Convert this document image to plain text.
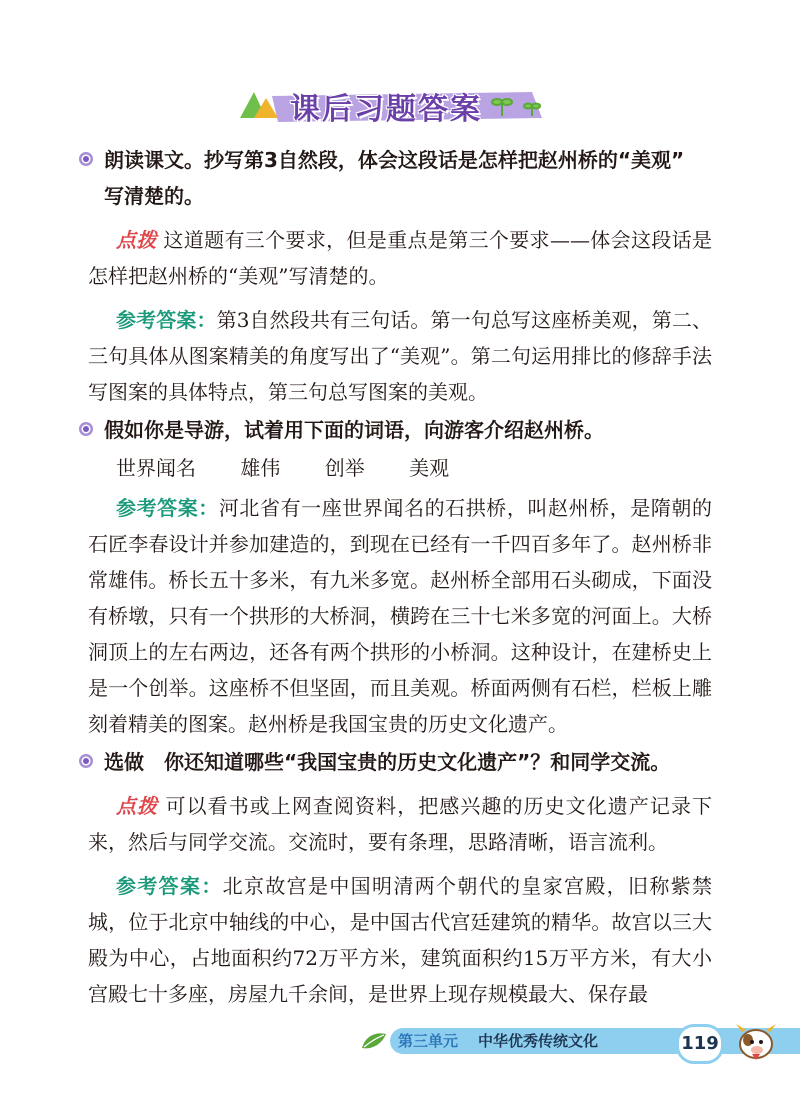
课后习题答案
朗读课文。抄写第3自然段，体会这段话是怎样把赵州桥的“美观”
写清楚的。
点拨 这道题有三个要求，但是重点是第三个要求——体会这段话是怎样把赵州桥的“美观”写清楚的。
参考答案：第3自然段共有三句话。第一句总写这座桥美观，第二、三句具体从图案精美的角度写出了“美观”。第二句运用排比的修辞手法写图案的具体特点，第三句总写图案的美观。
假如你是导游，试着用下面的词语，向游客介绍赵州桥。
世界闻名 雄伟 创举 美观
参考答案：河北省有一座世界闻名的石拱桥，叫赵州桥，是隋朝的石匠李春设计并参加建造的，到现在已经有一千四百多年了。赵州桥非常雄伟。桥长五十多米，有九米多宽。赵州桥全部用石头砌成，下面没有桥墩，只有一个拱形的大桥洞，横跨在三十七米多宽的河面上。大桥洞顶上的左右两边，还各有两个拱形的小桥洞。这种设计，在建桥史上是一个创举。这座桥不但坚固，而且美观。桥面两侧有石栏，栏板上雕刻着精美的图案。赵州桥是我国宝贵的历史文化遗产。
选做　你还知道哪些“我国宝贵的历史文化遗产”？和同学交流。
点拨 可以看书或上网查阅资料，把感兴趣的历史文化遗产记录下来，然后与同学交流。交流时，要有条理，思路清晰，语言流利。
参考答案：北京故宫是中国明清两个朝代的皇家宫殿，旧称紫禁城，位于北京中轴线的中心，是中国古代宫廷建筑的精华。故宫以三大殿为中心，占地面积约72万平方米，建筑面积约15万平方米，有大小宫殿七十多座，房屋九千余间，是世界上现存规模最大、保存最
第三单元 中华优秀传统文化	119
